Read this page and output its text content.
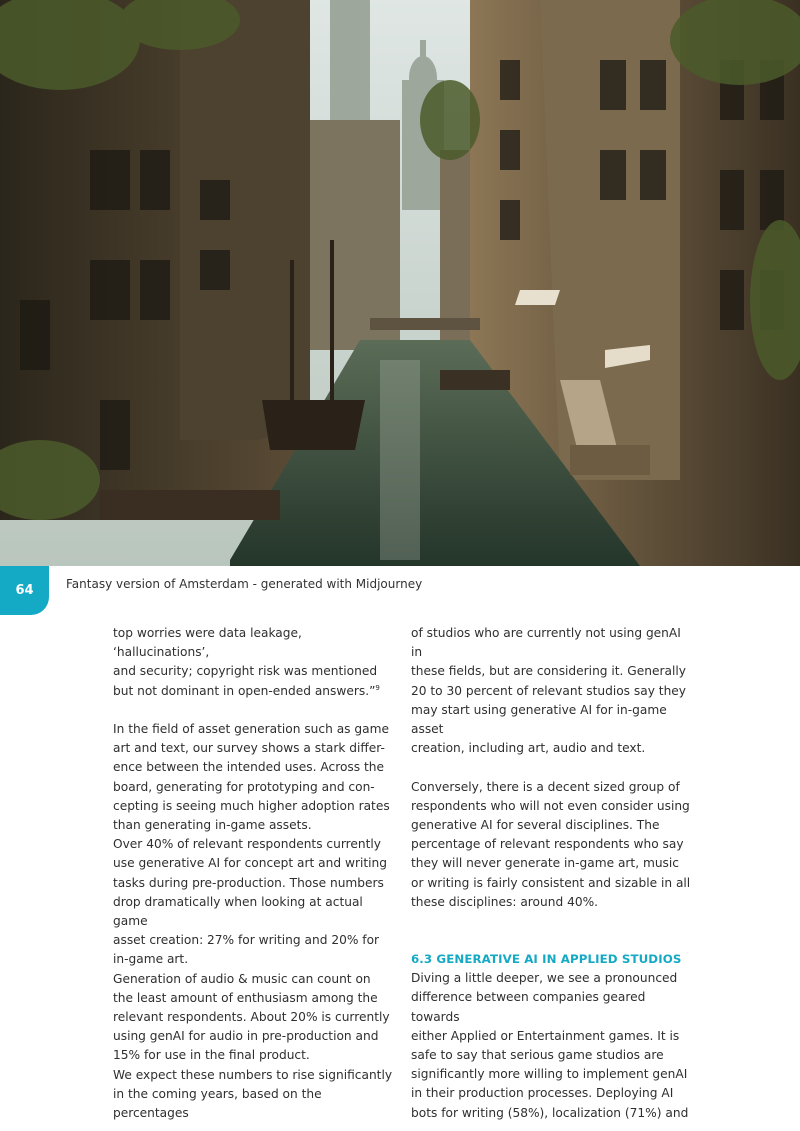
64	Fantasy version of Amsterdam - generated with Midjourney

top worries were data leakage, ‘hallucinations’,
and security; copyright risk was mentioned
but not dominant in open-ended answers.”$^9$

In the field of asset generation such as game
art and text, our survey shows a stark differ-
ence between the intended uses. Across the
board, generating for prototyping and con-
cepting is seeing much higher adoption rates
than generating in-game assets.
Over 40% of relevant respondents currently
use generative AI for concept art and writing
tasks during pre-production. Those numbers
drop dramatically when looking at actual game
asset creation: 27% for writing and 20% for
in-game art.
Generation of audio & music can count on
the least amount of enthusiasm among the
relevant respondents. About 20% is currently
using genAI for audio in pre-production and
15% for use in the final product.
We expect these numbers to rise significantly
in the coming years, based on the percentages

of studios who are currently not using genAI in
these fields, but are considering it. Generally
20 to 30 percent of relevant studios say they
may start using generative AI for in-game asset
creation, including art, audio and text.

Conversely, there is a decent sized group of
respondents who will not even consider using
generative AI for several disciplines. The
percentage of relevant respondents who say
they will never generate in-game art, music
or writing is fairly consistent and sizable in all
these disciplines: around 40%.

6.3 GENERATIVE AI IN APPLIED STUDIOS

Diving a little deeper, we see a pronounced
difference between companies geared towards
either Applied or Entertainment games. It is
safe to say that serious game studios are
significantly more willing to implement genAI
in their production processes. Deploying AI
bots for writing (58%), localization (71%) and
